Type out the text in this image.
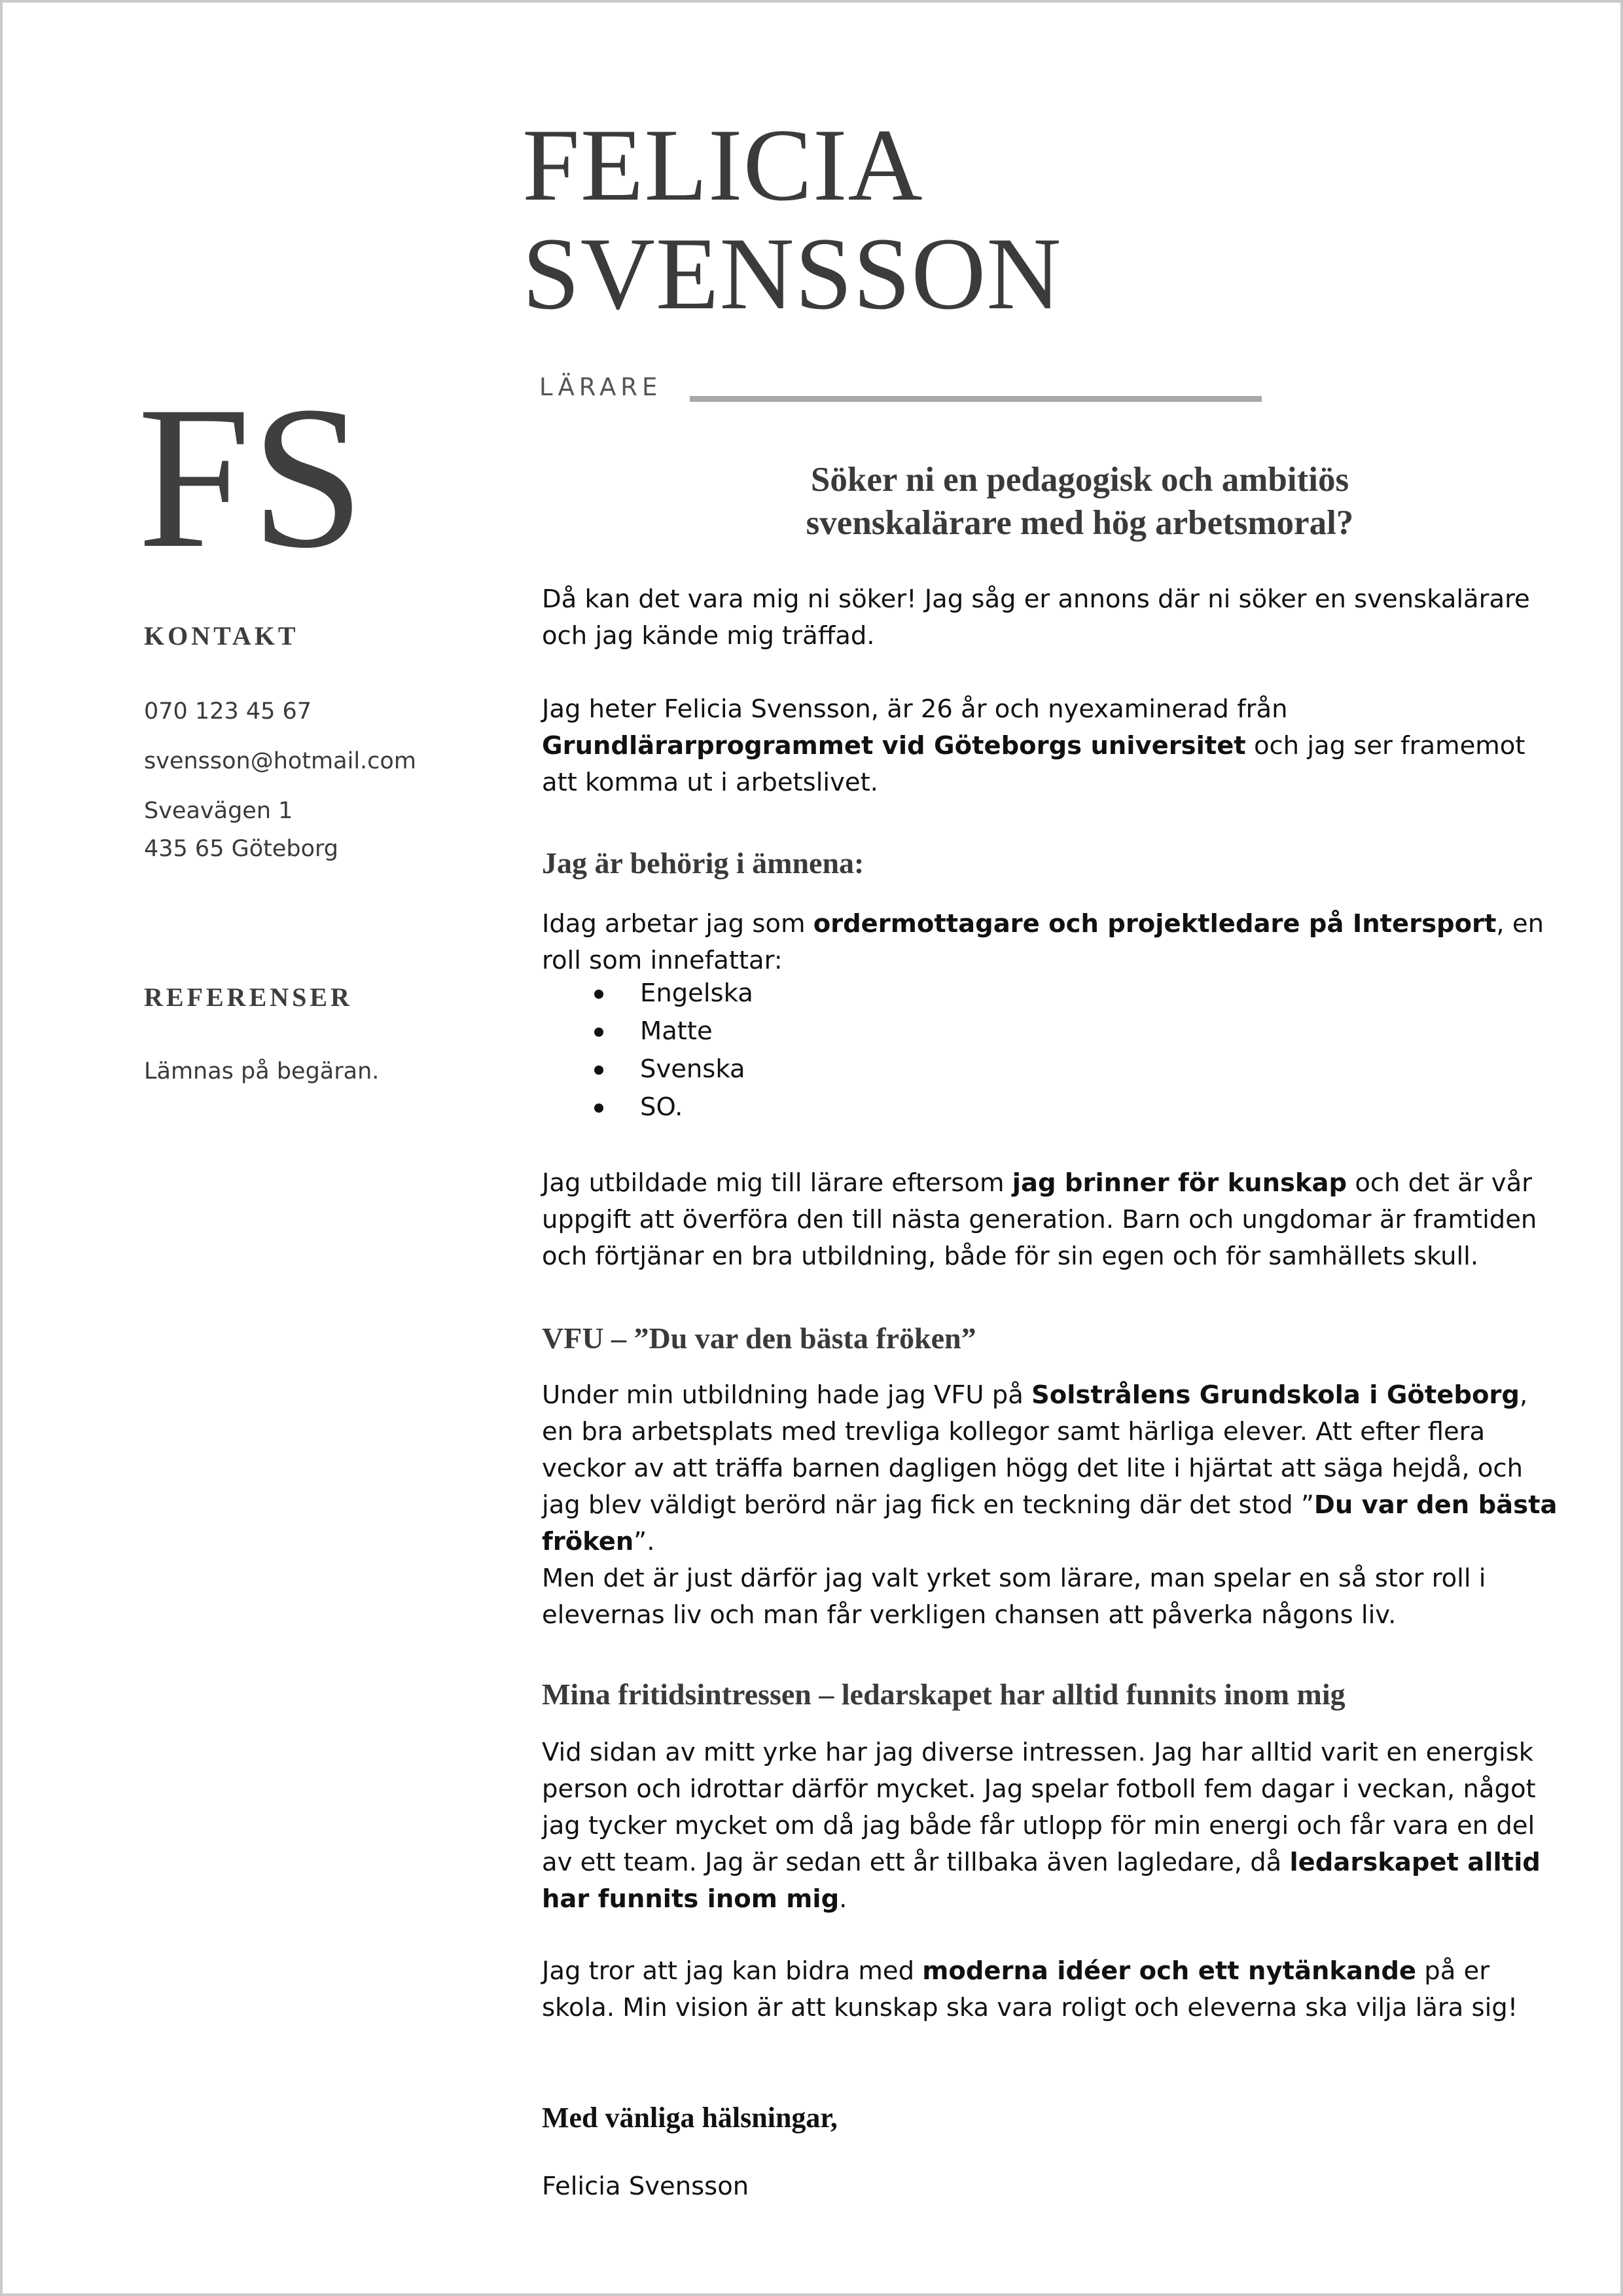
FELICIA
SVENSSON
LÄRARE
FS
KONTAKT
070 123 45 67
svensson@hotmail.com
Sveavägen 1
435 65 Göteborg
REFERENSER
Lämnas på begäran.
Söker ni en pedagogisk och ambitiös
svenskalärare med hög arbetsmoral?

Då kan det vara mig ni söker! Jag såg er annons där ni söker en svenskalärare och jag kände mig träffad.

Jag heter Felicia Svensson, är 26 år och nyexaminerad från Grundlärarprogrammet vid Göteborgs universitet och jag ser framemot att komma ut i arbetslivet.

Jag är behörig i ämnena:

Idag arbetar jag som ordermottagare och projektledare på Intersport, en roll som innefattar:

Engelska
Matte
Svenska
SO.

Jag utbildade mig till lärare eftersom jag brinner för kunskap och det är vår uppgift att överföra den till nästa generation. Barn och ungdomar är framtiden och förtjänar en bra utbildning, både för sin egen och för samhällets skull.

VFU – ”Du var den bästa fröken”

Under min utbildning hade jag VFU på Solstrålens Grundskola i Göteborg, en bra arbetsplats med trevliga kollegor samt härliga elever. Att efter flera veckor av att träffa barnen dagligen högg det lite i hjärtat att säga hejdå, och jag blev väldigt berörd när jag fick en teckning där det stod ”Du var den bästa fröken”.

Men det är just därför jag valt yrket som lärare, man spelar en så stor roll i elevernas liv och man får verkligen chansen att påverka någons liv.

Mina fritidsintressen – ledarskapet har alltid funnits inom mig

Vid sidan av mitt yrke har jag diverse intressen. Jag har alltid varit en energisk person och idrottar därför mycket. Jag spelar fotboll fem dagar i veckan, något jag tycker mycket om då jag både får utlopp för min energi och får vara en del av ett team. Jag är sedan ett år tillbaka även lagledare, då ledarskapet alltid har funnits inom mig.

Jag tror att jag kan bidra med moderna idéer och ett nytänkande på er skola. Min vision är att kunskap ska vara roligt och eleverna ska vilja lära sig!

Med vänliga hälsningar,
Felicia Svensson
